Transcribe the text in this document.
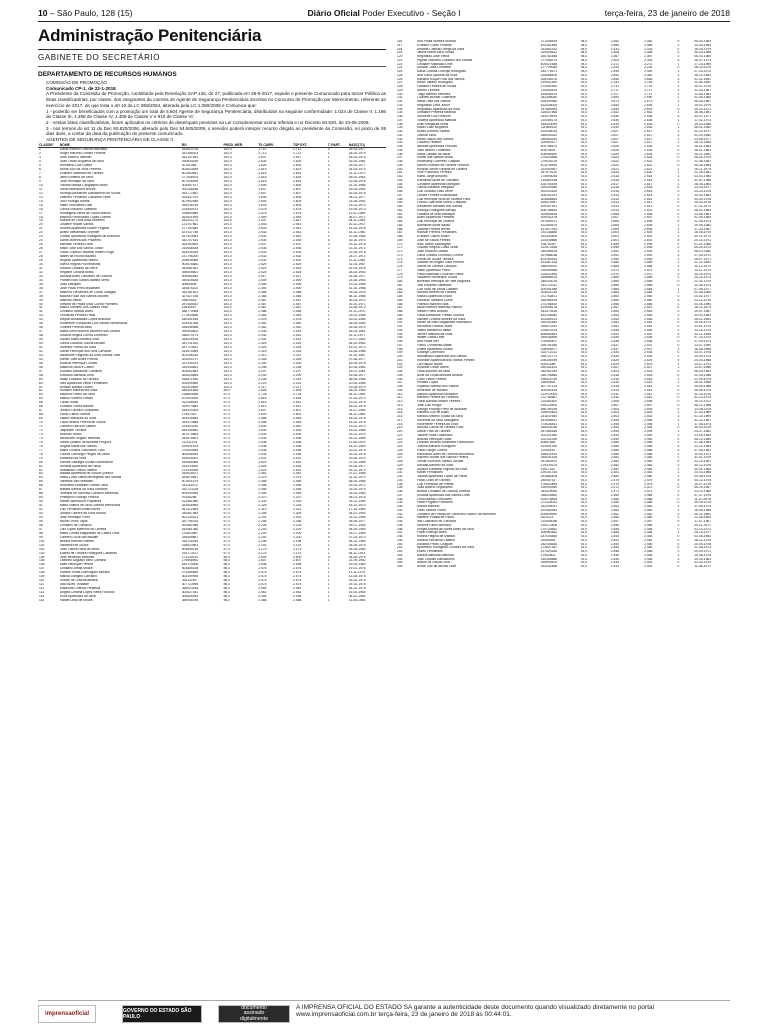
10 – São Paulo, 128 (15)	Diário Oficial Poder Executivo - Seção I	terça-feira, 23 de janeiro de 2018
Administração Penitenciária
GABINETE DO SECRETÁRIO
DEPARTAMENTO DE RECURSOS HUMANOS
COMISSÃO DE PROMOÇÃO
Comunicado CP-1, de 22-1-2018
A Presidente da Comissão de Promoção, constituída pela Resolução SAP 126, de 27, publicada em 28-9-2017, expede o presente Comunicado para tornar Pública as listas classificatórias, por classe, dos integrantes da carreira de Agente de Segurança Penitenciária inscritos no Concurso de Promoção por Merecimento, referente ao exercício de 2017, de que trata o art 10 da LC 959/2004, alterada pela LC 1.080/2008 e Comunica que:
1 - poderão ser beneficiados com a promoção um total de 5.804 Agente de Segurança Penitenciária, distribuídos na seguinte conformidade: 1.024 de Classe II, 1.166 de Classe III, 1.398 de Classe IV, 1.408 de Classe V e 810 de Classe VI;
2 - nestas listas classificatórias, foram aplicados os critérios de desempate previstos na Lei Complementar acima referida e no Decreto 50.820, de 23-05-2006;
3 - nos termos do art 11 do Dec 50.820/2006, alterado pelo Dec 54.505/2009, o servidor poderá interpor recurso dirigido ao presidente da Comissão, no prazo de 05 dias úteis, a contar da data da publicação do presente comunicado.
AGENTES DE SEGURANÇA PENITENCIÁRIA DE CLASSE II
CLASSIF.	NOME	RG	PROD. MER.	TS CARR.	TSP EXT.	T. PART.	NASC(TO)
1	David Robson Oliveira Machado	253810726	100,0	2.711	2.711	0	29-04-1977
2	Roger Marcelo Gomes Ferreira	251398024	100,0	2.712	2.712	1	24-04-1978
3	Jose Antonio Valentin	252197651	100,0	2.637	2.637	1	18-04-1974
4	João Cesar Nogueira da Silva	290834295	100,0	2.630	2.630	1	02-04-1981
5	Humberto Luiz Duarte	92781484	100,0	2.625	2.625	3	29-09-1977
6	André Luiz da Silva Ferreira	402633459	100,0	2.619	2.619	1	24-05-1974
7	Evandro Machado de Oliveira	407653841	100,0	2.616	2.616	1	21-11-1972
8	Jamil Roberto da Silva	277056875	100,0	2.616	2.616	2	09-04-1981
9	Jose Henrique da Silva	407928999	100,0	2.615	2.615	0	12-06-1976
10	Tatiana Marisa Cangalipes Alves	304497971	100,0	2.606	2.606	1	01-10-1986
11	Saulo Bittencourt Nunes	200258188	100,0	2.607	2.607	1	19-09-1982
12	Rodrigo Alexandre Damasceno de Souza	264772461	100,0	2.607	2.607	1	16-05-1976
13	Leandro Fernando Cabarran Pena	432637470	100,0	2.606	2.606	1	04-01-1977
14	Julio Rodrigo Noletti	407992556	100,0	2.604	2.604	1	14-06-1981
15	Valdir Goncalves Dias	264038754	100,0	2.603	2.603	0	21-03-1973
16	Carlos Eduardo Castelão	223930574	100,0	2.578	2.578	4	19-09-1973
17	Rosangela Vieira de Souza Marino	228859889	100,0	2.578	2.578	1	11-01-1969
18	Marcelo Ferdinando Lopes Gomes	262601694	100,0	2.559	2.559	1	06-07-1971
19	Monica de Lima Avila Monteiro	252311274	100,0	2.547	2.547	1	04-11-1983
20	Josilene Riquel Santos	121757861	100,0	2.543	2.543	1	20-11-1972
21	Andrea Aparecida Duarte Pugliesi	277140384	100,0	2.543	2.543	1	14-04-1978
22	Avanil Vaetamadu Shyrnier	437037758	100,0	2.543	2.543	1	15-11-1980
23	Clarice Aparecida Rodrigues de Azevedo	167913053	100,0	2.542	2.542	1	12-08-1985
24	Samir Moreira dos Prazeres	342707615	100,0	2.539	2.539	0	30-10-1974
25	Michelle Ferreira Lima	264183604	100,0	2.537	2.537	0	29-12-1978
26	Mario Jose dos Santos Junior	210648188	100,0	2.536	2.536	2	13-10-1971
27	Paulo Cristino Pasarelli Ribeiro Koga	263430334	100,0	2.533	2.533	0	22-05-1976
28	Isabel da Rocha Mazzeo	237796200	100,0	2.532	2.532	0	24-07-1971
29	Reginei Aparecida Ribeiro	294836088	100,0	2.532	2.532	1	13-11-1982
30	Ellena Regina Pochenavela	904578880	100,0	2.529	2.529	1	31-04-1967
31	Silvana Candido da Serra	251581461	100,0	2.529	2.529	0	02-09-1978
32	Regiane Cristina Brasil	355505601	100,0	2.525	2.525	0	28-03-1983
33	Adriana Alves Candelori de Oliveira	406886540	100,0	2.517	2.517	0	31-08-1977
34	Fransini dos Santos Batista Serra	445416638	100,0	2.509	2.509	1	23-08-1983
35	Joao Marques	30660808	100,0	2.495	2.495	1	13-01-1969
36	Jose Paulo Peris Mulamam	345876202	100,0	2.490	2.490	1	01-10-1986
37	Marinna Fernandes de Costa Tortaglia	332181401	100,0	2.488	2.488	1	03-04-1975
38	Natana Rosa dos Santos Moraes	327427156	100,0	2.488	2.488	1	08-10-1986
39	Marcelo Valeio	19600525	100,0	2.487	2.487	1	26-03-1972
40	Simone de Paula Silva Cunha Parmeris	257455052	100,0	2.487	2.487	1	30-10-1971
41	Marco Donizeti Dos Santos Pinto	19830697	100,0	2.487	2.487	1	23-08-1973
42	Cristiano Santos Alves	288775085	100,0	2.486	2.486	1	22-11-1970
43	Fernanda Ferreira Hana	177644898	100,0	2.483	2.483	1	29-02-1968
44	Raquel Auxiliadora Lopes Brandão	180391818	100,0	2.478	2.478	1	20-02-1980
45	Rosimeire Gonçalves Dos Santos Wilhenauca	423431306	100,0	2.460	2.460	1	28-08-1980
46	Charles Ferreira Bello	296398988	100,0	2.452	2.452	1	02-05-1974
47	Marta Ellen Buchert Monteiro dos Santos	390599802	100,0	2.445	2.445	1	18-04-1981
48	Silvana Regina Correa Domenici	258470174	100,0	2.442	2.442	1	01-11-1977
49	Saulim Maria Moreira Silva	345026916	100,0	2.431	2.431	1	12-07-1982
50	Carlos Eduardo Garcia Beckler	341731432	100,0	2.425	2.425	1	05-10-1983
51	Julienne Franco da Silva	287724622	100,0	2.425	2.425	0	19-12-1973
52	Danilo Henrique dos Reis Carvalho	414575089	100,0	2.315	2.315	1	15-06-1986
53	Alexandre Pegliotto da Silva Santos Jose	401198226	100,0	2.312	2.312	1	01-10-1987
54	Kleber Jose Alves Pereira	324000797	100,0	2.305	2.305	1	07-08-1977
55	Ricardo Henrique Gomes	337335781	100,0	2.300	2.300	1	16-05-1978
56	Matheus Silva e Castro	330444802	100,0	2.298	2.298	1	10-08-1981
57	Gustavo Alexandre Candiotti	404552681	100,0	2.297	2.297	0	29-01-1981
58	Edivaldo Barbosa Lima	283025665	100,0	2.290	2.290	1	15-06-1977
59	Wally Cristiano de Oliveira	418571156	100,0	2.249	2.249	1	06-08-1986
60	Ines Aparecida Vieira Fernandes	200599989	100,0	2.223	2.223	1	10-09-1966
61	Antonio Batista Cirano	162915659	100,0	2.217	2.217	1	19-08-1979
62	Rosalvo Macedo da Silva	346301855	98,0	2.505	2.505	1	26-05-1980
63	Mauricio Pedro da Silva	215654998	97,0	2.728	2.728	0	26-11-1969
64	Marcio Roberto Urbani	201003030	97,0	2.618	2.618	1	07-04-1973
65	Lucas Ruotti	411428054	97,0	2.615	2.615	0	12-02-1979
66	Gustavo Flores Bettine	329973683	97,0	2.612	2.612	1	25-03-1975
67	Juliano Oliveira Goncalves	259429305	97,0	2.607	2.607	1	14-07-1984
68	Paulo Carlos Ramos	17557310	97,0	2.603	2.603	1	08-11-1964
69	Valdec Marques da Silva	264035654	97,0	2.558	2.558	0	18-03-1976
70	Lucia Helena Pereira de Souza	283473856	97,0	2.545	2.545	1	14-02-1975
71	Carmen Rita dos Santos	225924240	97,0	2.540	2.540	1	13-02-1973
72	Jaqueline Teixeira	445348582	97,0	2.539	2.539	0	19-03-1985
73	Monica Pavani	267078664	97,0	2.539	2.539	1	19-12-1974
74	Alexandre Regiani Meireles	244978801	97,0	2.538	2.538	1	02-02-1969
75	Dama Josiane de Almeida Pregioni	211111476	97,0	2.538	2.538	0	11-08-1979
76	Angela Maria dos Santos	294931675	97,0	2.538	2.538	1	16-12-1983
77	Maria Cristina Goncalves Tutui	270643898	97,0	2.538	2.538	1	10-02-1974
78	Camila Camargo Perges de Lalcio	309496444	97,0	2.534	2.534	0	22-03-1976
79	Elizabeth da Silva	294525002	97,0	2.531	2.531	1	20-08-1970
80	Sandra Salvegia Sousa Romanzella	183685368	97,0	2.529	2.529	0	07-04-1965
81	Rosana Aparecida de Paula	252034630	97,0	2.526	2.526	0	02-09-1977
82	Sebastiao Coelho Valerio	213249055	97,0	2.523	2.523	0	03-12-1974
83	Natalia Aparecida de Souza Queiroz	418918572	97,0	2.481	2.481	1	07-07-1986
84	Maria Luiza Villela Meneghetti dos Santos	283675467	97,0	2.479	2.479	1	31-10-1970
85	Vanessa Vali Rettisseu	407601579	97,0	2.466	2.466	1	06-05-1985
86	Antonieta Elizabeth Gomes Silva	243118372	97,0	2.458	2.458	0	22-09-1972
87	Natalia Santos da Silva Sanches	432723235	97,0	2.456	2.456	0	23-04-1979
88	Joseane de Gusmão Cordeiro Medeiros	405090484	97,0	2.449	2.449	1	31-05-1983
89	Pellegrino Rodrigo Pereira	29155268	97,0	2.370	2.370	1	05-01-1978
90	Rafael Bittencourt Paquinelli	413461560	97,0	2.330	2.330	1	23-12-1980
91	Maria Valeria da Silva Oliveira Mendonca	283508569	97,0	2.325	2.325	1	15-12-1970
92	Luiz Fernando Amaro Alves	447022583	97,0	2.313	2.313	1	17-10-1980
93	Juliana Carrera da Silva Aciona	330597954	97,0	2.305	2.305	0	04-01-1990
94	Jose Henrique Porto	402130221	97,0	2.291	2.291	1	22-02-1984
95	Michel Victor Tapia	287795234	97,0	2.256	2.256	0	05-08-1977
96	Cristiano de Carvalho	200562985	97,0	2.225	2.225	0	09-07-1983
97	Luiz Lopes Martinho de Oliveira	443581360	97,0	2.203	2.203	0	04-09-1980
98	Maria Cecilia Magalhaes de Castro Lima	270603897	97,0	2.200	2.200	0	15-07-1969
99	Carmen Lucia Will Assiam	335459687	97,0	2.200	2.200	0	07-03-1973
100	Beatriz Helena Rosetto	316728339	97,0	2.198	2.198	1	08-10-1969
101	Vanderlei de Souza	418533961	97,0	2.191	2.191	1	24-09-1979
102	Joao Carlos Faria de Mello	305695135	97,0	2.179	2.179	1	25-05-1984
103	Edileia de Oliveira Rodrigues Cabarran	293773472	97,0	2.175	2.175	1	06-11-1974
104	Jose Benedito Barbosa	271132610	96,0	2.609	2.609	0	28-06-1975
105	Leandro Augusto Melo Caetano	279898961	96,0	2.607	2.607	1	21-09-1982
106	Allan Henrique Pereira	184175008	96,0	2.598	2.598	1	20-04-1983
107	Cristiano Arnalt Moura	404886198	96,0	2.578	2.578	1	19-01-1976
108	Viviane Telma Domingues Moraes	273385659	96,0	2.575	2.575	1	11-11-1979
109	Marcia Dangelo Carvalho	300399995	96,0	2.575	2.575	1	13-05-1975
110	Shirley de Oliveira Amaral	32813249	96,0	2.575	2.575	1	02-03-1974
111	Saul Alves Trindade	307713998	96,0	2.575	2.575	1	29-10-1976
112	Elisandra Cristina Perassoli	285623168	96,0	2.564	2.564	1	26-12-1976
113	Angela Cristina Lopes Vieira Fantodo	302827441	96,0	2.562	2.562	1	15-04-1984
114	Erica Aparecida da Silva	308828393	96,0	2.495	2.495	1	06-01-1980
115	Rafael Leao de Moura	359908789	96,0	2.488	2.488	1	11-08-1983
116	Ana Paula Moreira Audrico	371408445	94,0	2.482	2.482	0	05-04-1983
117	Evandro Couto Pellolati	432461565	94,0	2.465	2.465	1	14-05-1983
118	Andreia Cristina Ortega da Silva	331562162	94,0	2.433	2.433	0	18-05-1979
119	Jacele Maria Silva Souza	334408442	94,0	2.408	2.408	0	08-09-1985
120	Reginaldo Jose Vieira	260782468	94,0	2.367	2.367	1	06-03-1980
121	Hyjmer Mauricio Custodio dos Santos	277066275	94,0	2.303	2.303	0	26-07-1973
122	Cristiane Machado Leite	400921588	94,0	2.272	2.272	1	27-10-1969
123	Adriano Jose Lombardi	277799085	94,0	2.229	2.229	0	08-10-1975
124	Maria Cristina Lorenjtti Rodrigues	240775571	93,0	2.449	2.449	1	27-03-1970
125	Ana Lucia Spiolete da Silva	334668405	92,0	2.462	2.462	1	18-10-1981
126	Mariana Roque Ruiz dos Santos	305336376	91,0	2.845	2.845	1	01-11-1981
127	Noise Taitano Rodrigues	219941189	91,0	2.783	2.783	1	11-06-1981
128	Fabiana Ferreira de Souza	270542962	91,0	2.731	2.731	1	20-07-1975
129	Ariellio Ferreira	214583819	91,0	2.717	2.717	1	12-03-1967
130	Tiago Barreto Meireles	424658120	91,0	2.707	2.707	1	12-05-1983
131	Lourdes Bonzar Guarnaire	343358050	91,0	2.690	2.690	1	01-09-1985
132	Maria Jose dos Santos	300349380	91,0	2.673	2.673	1	08-06-1967
133	Reginaldo Lima Junior	422428004	91,0	2.644	2.644	1	15-02-1979
134	Reginaldo Aparecido da Silva	247585953	91,0	2.643	2.643	0	25-10-1972
135	Cristiane Pimenta Miranda	324527566	91,0	2.642	2.642	1	18-08-1981
136	Sormene Luiz Pedreiro	243078993	91,0	2.635	2.635	0	04-07-1977
137	Gisléria Aparecida Mathias	210085175	91,0	2.635	2.635	1	17-02-1973
138	Ellen Margarita Veiris	345043099	91,0	2.633	2.633	0	29-03-1986
139	Mauro Diaz Nogueira	111964534	91,0	2.630	2.630	1	08-01-1962
140	Murilo Roberto Santos	433058025	91,0	2.627	2.627	1	02-12-1977
141	Josmar Silva	348944322	91,0	2.627	2.627	1	02-09-1980
142	Alecio Inácio dos Santos	280983264	91,0	2.627	2.627	1	23-08-1977
143	Luciano Pelatieri	304460477	91,0	2.627	2.627	1	28-10-1984
144	Adriana Aparecida Pedroso	409788870	91,0	2.626	2.626	0	16-01-1983
145	Jose Alberto Lunardelli	40524625	91,0	2.625	2.625	0	26-01-1963
146	Maria Gerlato de Assis	408084690	91,0	2.625	2.625	0	25-11-1981
147	Sidnei dos Santos Motta	270523588	91,0	2.624	2.624	0	06-04-1975
148	Emanuelly Guerreiro Gaspari	279018729	91,0	2.622	2.622	0	22-06-1981
149	Michel Leandro de Oliveira Ferreira	401176996	91,0	2.622	2.622	0	05-05-1984
150	Ricardo Vieira Fonalha de Oliveira	322903597	91,0	2.621	2.621	1	26-11-1975
151	Vitor Francisco Ferreira	357974210	91,0	2.620	2.620	1	21-05-1981
152	Mario Jorge Antunes	175594045	91,0	2.618	2.618	1	03-04-1984
153	Edenilson Alves de Carvalho	215582348	91,0	2.618	2.618	1	31-07-1968
154	Cristiane Aparecida Mangolin	428754455	91,0	2.617	2.617	1	26-04-1983
155	Carlos Eduardo Mergado	290000980	91,0	2.616	2.616	0	23-03-1977
156	Luiz Gustavo Dias Leme	302402625	91,0	2.614	2.614	0	24-10-1978
157	Cecilia Ferreira Kuahilinasa	308152321	91,0	2.614	2.614	1	14-02-1981
158	Luis Henrique Silva de Oliveira Filho	303888854	91,0	2.614	2.614	0	04-09-1976
159	Franco Giacomel Sotelo Chiquitto	418029987	91,0	2.613	2.613	0	25-03-1976
160	Alexandre Messias dos Santos	304187591	91,0	2.613	2.613	0	07-11-1973
161	Rodrigo Rodrigues Beruqu	406756842	91,0	2.613	2.613	0	08-02-1984
162	Fabiana de Brito Basaquit	320889526	91,0	2.608	2.608	0	23-06-1981
163	Alline Aparecida Primitezi	304042478	91,0	2.607	2.607	1	01-09-1984
164	Luis Henrique de Oliveira	297659372	91,0	2.606	2.606	0	22-06-1974
165	Adenilson Alves Basso	432450675	91,0	2.605	2.605	1	29-05-1982
166	Josiane Pereira Neves	427817944	91,0	2.605	2.605	1	27-03-1987
167	Robson Pereira Fernandes	292148885	91,0	2.604	2.604	1	18-06-1975
168	Evandro Carlos Boaro	253334806	91,0	2.601	2.601	1	09-11-1974
169	Jose de Souza Pereira	224409886	91,0	2.601	2.601	0	20-10-1971
170	Raul Moreti Montagnini	19876290	91,0	2.599	2.599	0	01-01-1966
171	Claudio Regina Costa Zeide	222572838	91,0	2.596	2.596	0	05-04-1973
172	Jose Roberto Deldari	280396294	91,0	2.592	2.592	1	08-02-1980
173	Carla Cristina Contrucci Correa	307588038	91,0	2.591	2.591	1	27-04-1972
174	Edson de Souza Teixeira	403180551	91,0	2.590	2.590	1	28-07-1971
175	Josiane de Angelo Silva Pereira	433387418	91,0	2.589	2.589	1	21-11-1983
176	Gilene de Oliveira Candido	348435910	91,0	2.585	2.585	1	11-12-1970
177	Valdir Aparecido Pinho	230949966	91,0	2.571	2.571	1	14-07-1973
178	Paulo Benedito Lourenco Vieira	215522465	91,0	2.570	2.570	0	10-10-1974
179	Vanderlei Hendrique Souza	269888578	91,0	2.569	2.569	1	24-12-1973
180	Benedito Henrique de Vale Nogueira	346293078	91,0	2.565	2.565	0	21-02-1975
181	Joel Eduardo Sarafiano	144713211	91,0	2.565	2.565	0	12-06-1973
182	Luiz Idolo de Jesus Castilho	300091968	91,0	2.564	2.564	1	07-08-1977
183	Adriano Alberto de Oliveira	303042744	91,0	2.564	2.564	1	02-08-1980
184	Marcio Aparecido Inacio	272763872	91,0	2.560	2.560	0	24-02-1977
185	Elevaldo Santana Cobre	355366430	91,0	2.560	2.560	0	23-12-1976
186	Fabricio Manoel Elias	274786452	91,0	2.558	2.558	1	04-05-1980
187	Arildo Benicio Barbosa Ramos	420908178	91,0	2.557	2.557	0	16-11-1974
188	Rafael Prieto Antonio	343379418	91,0	2.553	2.553	0	29-07-1987
189	Fabio Alexandre Freitas Oliveira	440208940	91,0	2.553	2.553	1	30-03-1981
190	Daniele Cristina Moreira da Silva	403389113	91,0	2.553	2.553	0	26-11-1983
191	Mirian de Brito Magalhaes Mannarino	254292480	91,0	2.551	2.551	0	19-05-1973
192	Humberto Ricardo Nave	290670281	91,0	2.551	2.551	0	23-01-1970
193	Valmir Bastazini Rafael	225814378	91,0	2.545	2.545	1	13-10-1975
194	Jenifer Marcela da Silva	408584861	91,0	2.541	2.541	0	02-11-1985
195	Walter Graca Leite	289058468	91,0	2.539	2.539	0	07-10-1974
196	Ana Paula Miri	278584407	91,0	2.538	2.538	0	27-09-1973
197	Flavio Conceicao Matta	335751648	91,0	2.537	2.537	0	13-07-1990
198	Eliane Aparecida Girardi	206908577	91,0	2.537	2.537	1	16-08-1965
199	Solange Cammoro	324712212	91,0	2.534	2.534	0	03-07-1978
200	Wanderson Aparecido dos Santos	185721772	91,0	2.530	2.530	1	29-09-1973
201	Rosnilde Aparecida dos Santos Pereira	206155399	91,0	2.529	2.529	0	20-03-1968
202	Lia Raquel Nobre	30002288	91,0	2.529	2.529	1	24-07-1972
203	Rolando Cesar Nobre	250331424	91,0	2.527	2.527	1	14-07-1966
204	Fabio Antonio da Silva	282352344	91,0	2.523	2.523	0	06-04-1981
205	Aline da Costa Almeida Amaral	346796880	91,0	2.518	2.518	0	22-09-1986
206	Lucio Flavio Pereira	296424746	91,0	2.516	2.516	1	22-09-1975
207	Rinaldo Lopes	14650628	91,0	2.515	2.515	1	28-01-1965
208	Espedito Avelino dos Santos	307797234	91,0	2.515	2.515	0	05-06-1968
209	Anderson de Moraes	304453153	91,0	2.514	2.514	0	06-05-1975
210	Marcos Aparecido Medilano	222910004	91,0	2.511	2.511	0	02-10-1976
211	Marcelo Pereira da Fonseca	272764867	91,0	2.510	2.510	0	31-12-1974
212	Fabio Adriano Maciel Ferreira	215362502	91,0	2.508	2.508	0	15-10-1972
213	Jose Luiz Ringor	299124500	91,0	2.507	2.507	0	06-12-1966
214	George Rodrigo Pinto de Andrade	368769155	91,0	2.505	2.505	0	13-08-1978
215	Marcelo Luiz de Assis	195692803	91,0	2.503	2.503	1	31-03-1969
216	Marcos Antonio Souza da Silva	241837650	91,0	2.503	2.503	1	01-10-1969
217	Roberval da Silva Sabugano	181958521	91,0	2.499	2.499	1	31-12-1967
218	Rosemeire Ferreira da Silva	174626451	91,0	2.498	2.498	1	17-05-1974
219	Antonio Carlos de Oliveira Filho	265443096	91,0	2.494	2.494	0	30-03-1975
220	Daniel Pais de Oliveira	287365166	91,0	2.494	2.494	1	24-07-1981
221	Tatiane Rosa Guardiano	302321960	91,0	2.493	2.493	1	23-05-1983
222	Antonio Henrique Gatto	120141296	91,0	2.490	2.490	0	06-12-1966
223	Leonam Ricardo Alcantara Francisconi	40887658	91,0	2.489	2.489	1	07-06-1983
224	Joelma Adriana Rodrigues	223601269	91,0	2.486	2.486	0	23-12-1969
225	Paulo Sergio Correa	11991830	91,0	2.486	2.486	0	07-08-1961
226	Raimundo Alves de Oliveira Mendonca	258431814	91,0	2.485	2.485	1	10-02-1972
227	Marcelo Nunes dos Santos Pereira	284031516	91,0	2.483	2.483	1	31-01-1979
228	Cleide Silva dos Santos Jundiai	257662670	91,0	2.482	2.482	0	22-10-1967
229	Adriana Adriano da Silva	279429375	91,0	2.482	2.482	0	30-12-1976
230	Silvana Elizabeth Righuel da Silva	11917152	91,0	2.482	2.482	1	30-01-1964
231	Marlei Fernandes	239101760	91,0	2.481	2.481	1	20-03-1968
232	Juliana Aparecida Lopes de Paula	281884405	91,0	2.480	2.480	1	04-08-1975
233	Fabio Lellis de Oliveira	28005743	91,0	2.479	2.479	0	04-12-1975
234	Luiz Fernando de Fretias	276602469	91,0	2.475	2.475	1	15-07-1976
235	Joao Alberto Leguizamo	195993969	91,0	2.472	2.472	0	08-10-1967
236	Bianca Cristiane de Oliveira Teixeira	344429060	91,0	2.471	2.471	1	23-12-1980
237	Rosana Aparecida dos Santos Lima	258425660	91,0	2.469	2.469	0	07-07-1975
238	Celia Marcia Goncalves	304478854	91,0	2.468	2.468	0	11-10-1976
239	Fabio Pugliesi Prancheti	273125051	91,0	2.465	2.465	0	29-05-1975
240	Marcia Bizinelo	242096041	91,0	2.463	2.463	1	27-05-1974
241	Lilian Tardivo Pedro	422452840	91,0	2.462	2.462	1	18-05-1985
242	Cristiane de Freitas de Generoso Ribeiro de Menezes	405849990	91,0	2.462	2.462	0	25-11-1982
243	Marlene Pinalla de Paula	9323113	91,0	2.460	2.460	1	22-06-1963
244	Ilda Ouardiolo de Carvalho	210050058	91,0	2.457	2.457	0	17-07-1967
245	Rubens Paulo Mundino	225472808	91,0	2.456	2.456	1	29-11-1971
246	Sheyla Marcia de Nores Alves da Silva	279720662	91,0	2.455	2.455	0	02-10-1972
247	Fabio Rodrigo Alves	306962862	91,0	2.455	2.455	1	25-10-1977
248	Rosina Hegina de Mabtos	187004880	91,0	2.454	2.454	0	03-06-1963
249	Monica Fernanda Castelo	33080854	91,0	2.451	2.451	0	26-12-1976
250	Eduardo Pedro Chaguer	282008648	91,0	2.450	2.450	0	20-05-1976
251	Aparecido Rodrigues Cordeiro da Silva	273827387	91,0	2.450	2.450	0	21-06-1973
252	Elizeu Fernandes	217920280	91,0	2.448	2.448	1	09-04-1971
253	Martha Barbosa Barbosa	27552802	91,0	2.446	2.446	1	19-08-1976
254	Jose Claudio Damasceno	145169868	91,0	2.445	2.445	1	14-10-1963
255	Allison de Souza Lima	260899420	91,0	2.443	2.443	0	03-03-1979
256	Andre Luiz de Arruda Leite	242041868	91,0	2.443	2.443	0	11-06-1972
imprensaoficial	GOVERNO DO ESTADO SÃO PAULO
documento
assinado
digitalmente
A IMPRENSA OFICIAL DO ESTADO SA garante a autenticidade deste documento quando visualizado diretamente no portal www.imprensaoficial.com.br terça-feira, 23 de janeiro de 2018 às 00:44:01.
